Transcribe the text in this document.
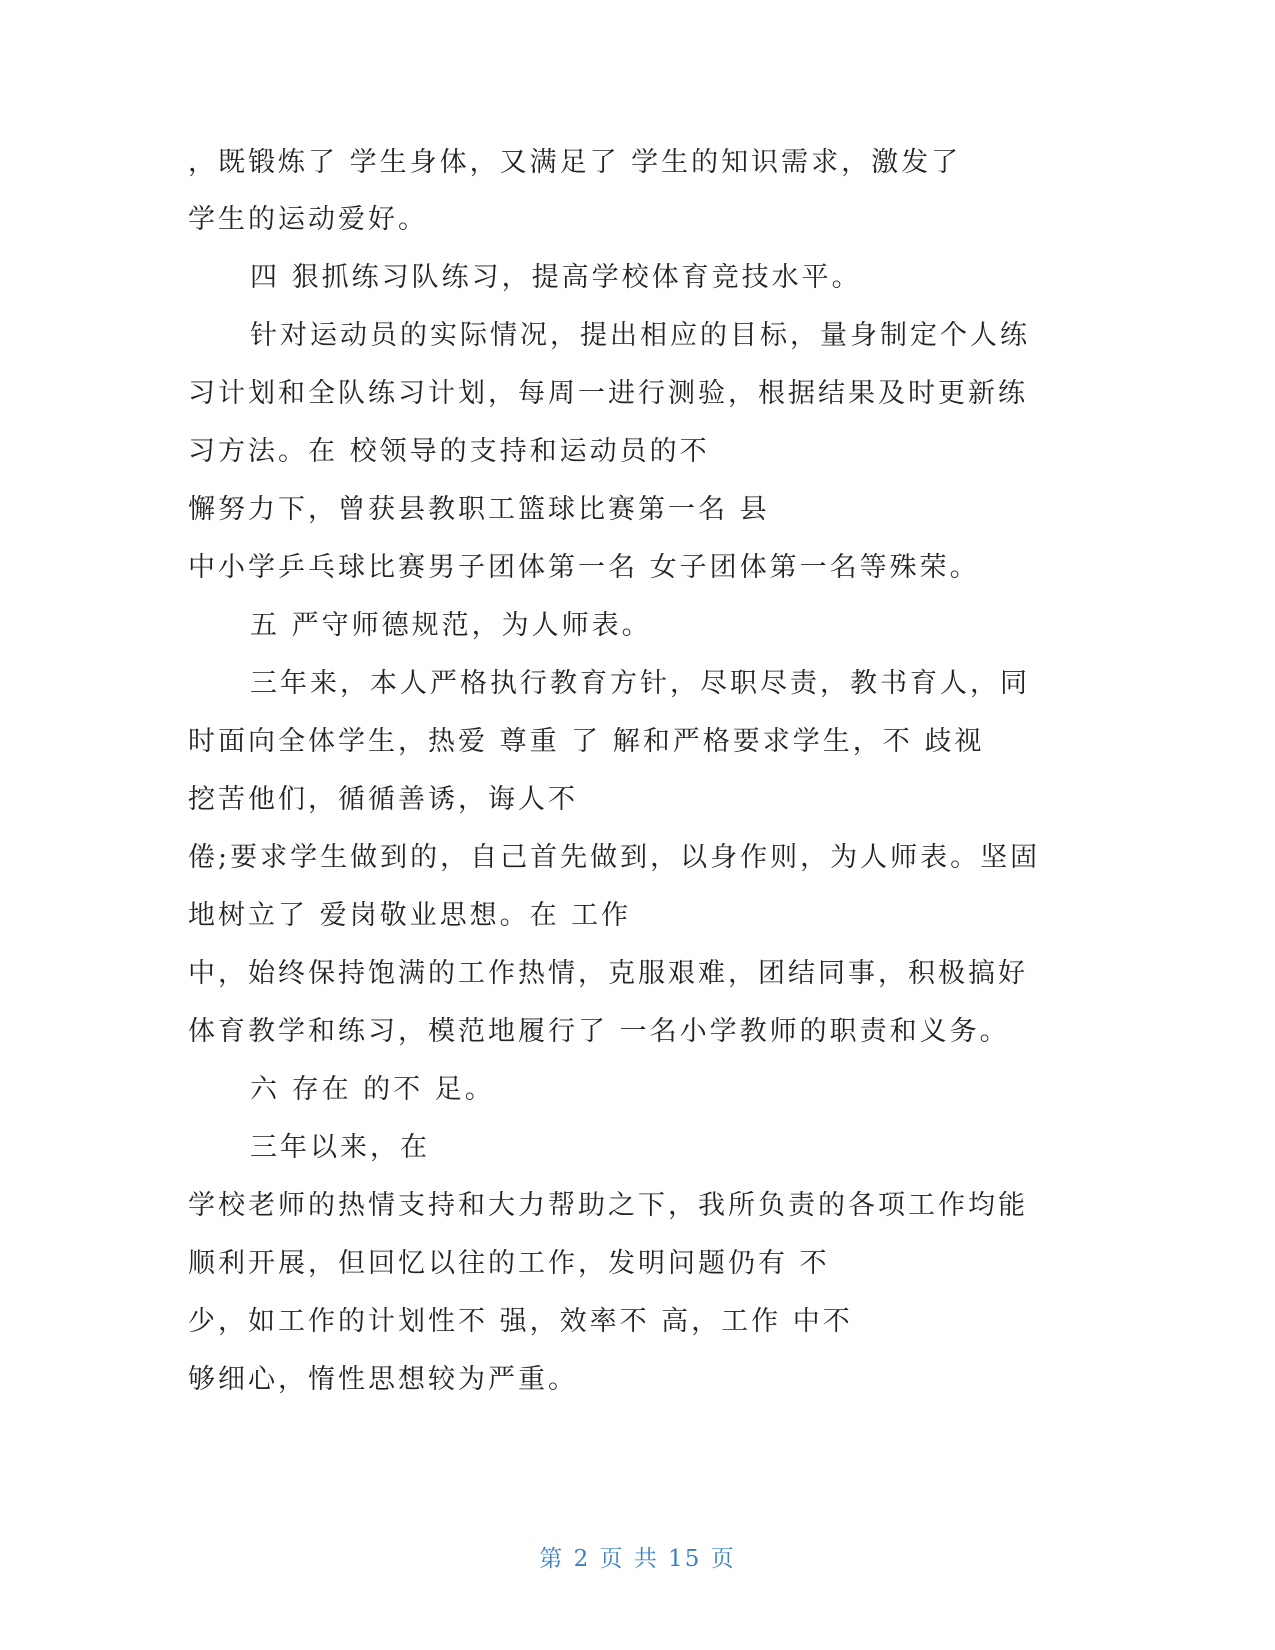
，既锻炼了 学生身体，又满足了 学生的知识需求，激发了
学生的运动爱好。
四 狠抓练习队练习，提高学校体育竞技水平。
针对运动员的实际情况，提出相应的目标，量身制定个人练
习计划和全队练习计划，每周一进行测验，根据结果及时更新练
习方法。在 校领导的支持和运动员的不
懈努力下，曾获县教职工篮球比赛第一名 县
中小学乒乓球比赛男子团体第一名 女子团体第一名等殊荣。
五 严守师德规范，为人师表。
三年来，本人严格执行教育方针，尽职尽责，教书育人，同
时面向全体学生，热爱 尊重 了 解和严格要求学生，不 歧视
挖苦他们，循循善诱，诲人不
倦;要求学生做到的，自己首先做到，以身作则，为人师表。坚固
地树立了 爱岗敬业思想。在 工作
中，始终保持饱满的工作热情，克服艰难，团结同事，积极搞好
体育教学和练习，模范地履行了 一名小学教师的职责和义务。
六 存在 的不 足。
三年以来，在
学校老师的热情支持和大力帮助之下，我所负责的各项工作均能
顺利开展，但回忆以往的工作，发明问题仍有 不
少，如工作的计划性不 强，效率不 高，工作 中不
够细心，惰性思想较为严重。
第 2 页 共 15 页
